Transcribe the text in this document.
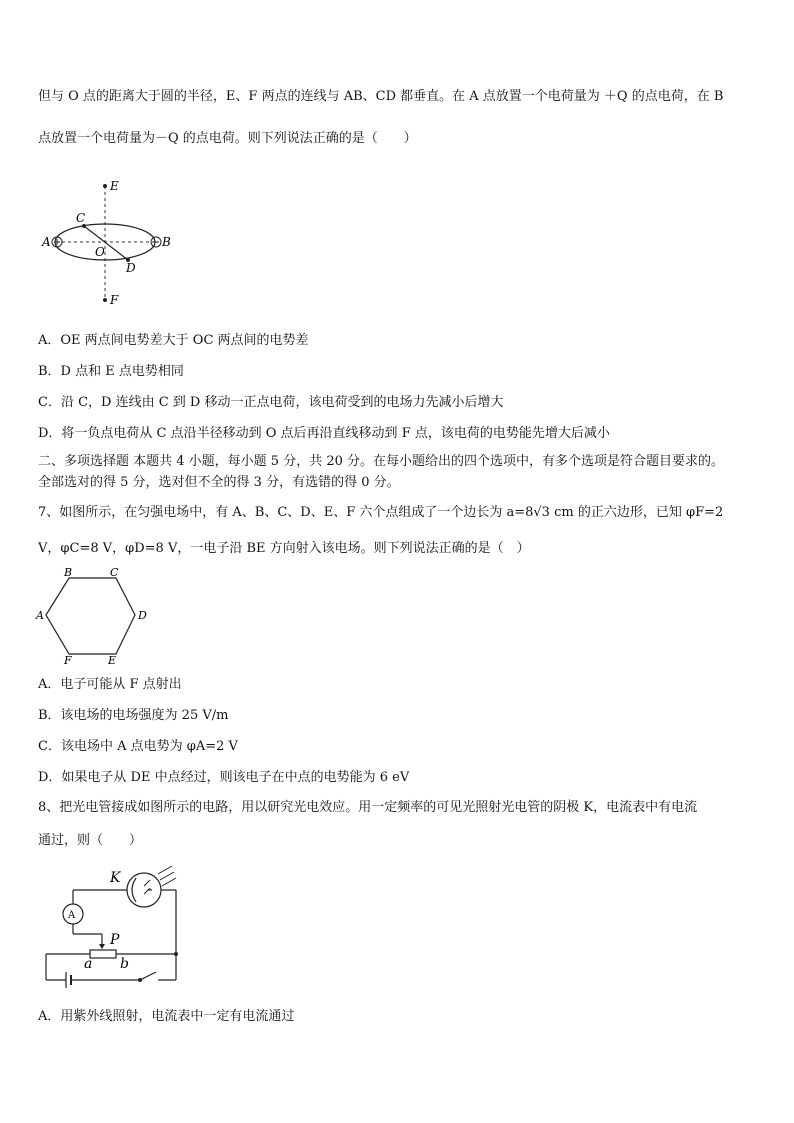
但与 O 点的距离大于圆的半径，E、F 两点的连线与 AB、CD 都垂直。在 A 点放置一个电荷量为 ＋Q 的点电荷，在 B
点放置一个电荷量为－Q 的点电荷。则下列说法正确的是（　　）
E
F
A	B
C
D
O
A．OE 两点间电势差大于 OC 两点间的电势差
B．D 点和 E 点电势相同
C．沿 C，D 连线由 C 到 D 移动一正点电荷，该电荷受到的电场力先减小后增大
D．将一负点电荷从 C 点沿半径移动到 O 点后再沿直线移动到 F 点，该电荷的电势能先增大后减小
二、多项选择题 本题共 4 小题，每小题 5 分，共 20 分。在每小题给出的四个选项中，有多个选项是符合题目要求的。
全部选对的得 5 分，选对但不全的得 3 分，有选错的得 0 分。
7、如图所示，在匀强电场中，有 A、B、C、D、E、F 六个点组成了一个边长为 a=8√3 cm 的正六边形，已知 φF=2
V，φC=8 V，φD=8 V，一电子沿 BE 方向射入该电场。则下列说法正确的是（　）
B	C
A	D
F	E
A．电子可能从 F 点射出
B．该电场的电场强度为 25 V/m
C．该电场中 A 点电势为 φA=2 V
D．如果电子从 DE 中点经过，则该电子在中点的电势能为 6 eV
8、把光电管接成如图所示的电路，用以研究光电效应。用一定频率的可见光照射光电管的阴极 K，电流表中有电流
通过，则（　　）
K
A
P
a b
A．用紫外线照射，电流表中一定有电流通过
